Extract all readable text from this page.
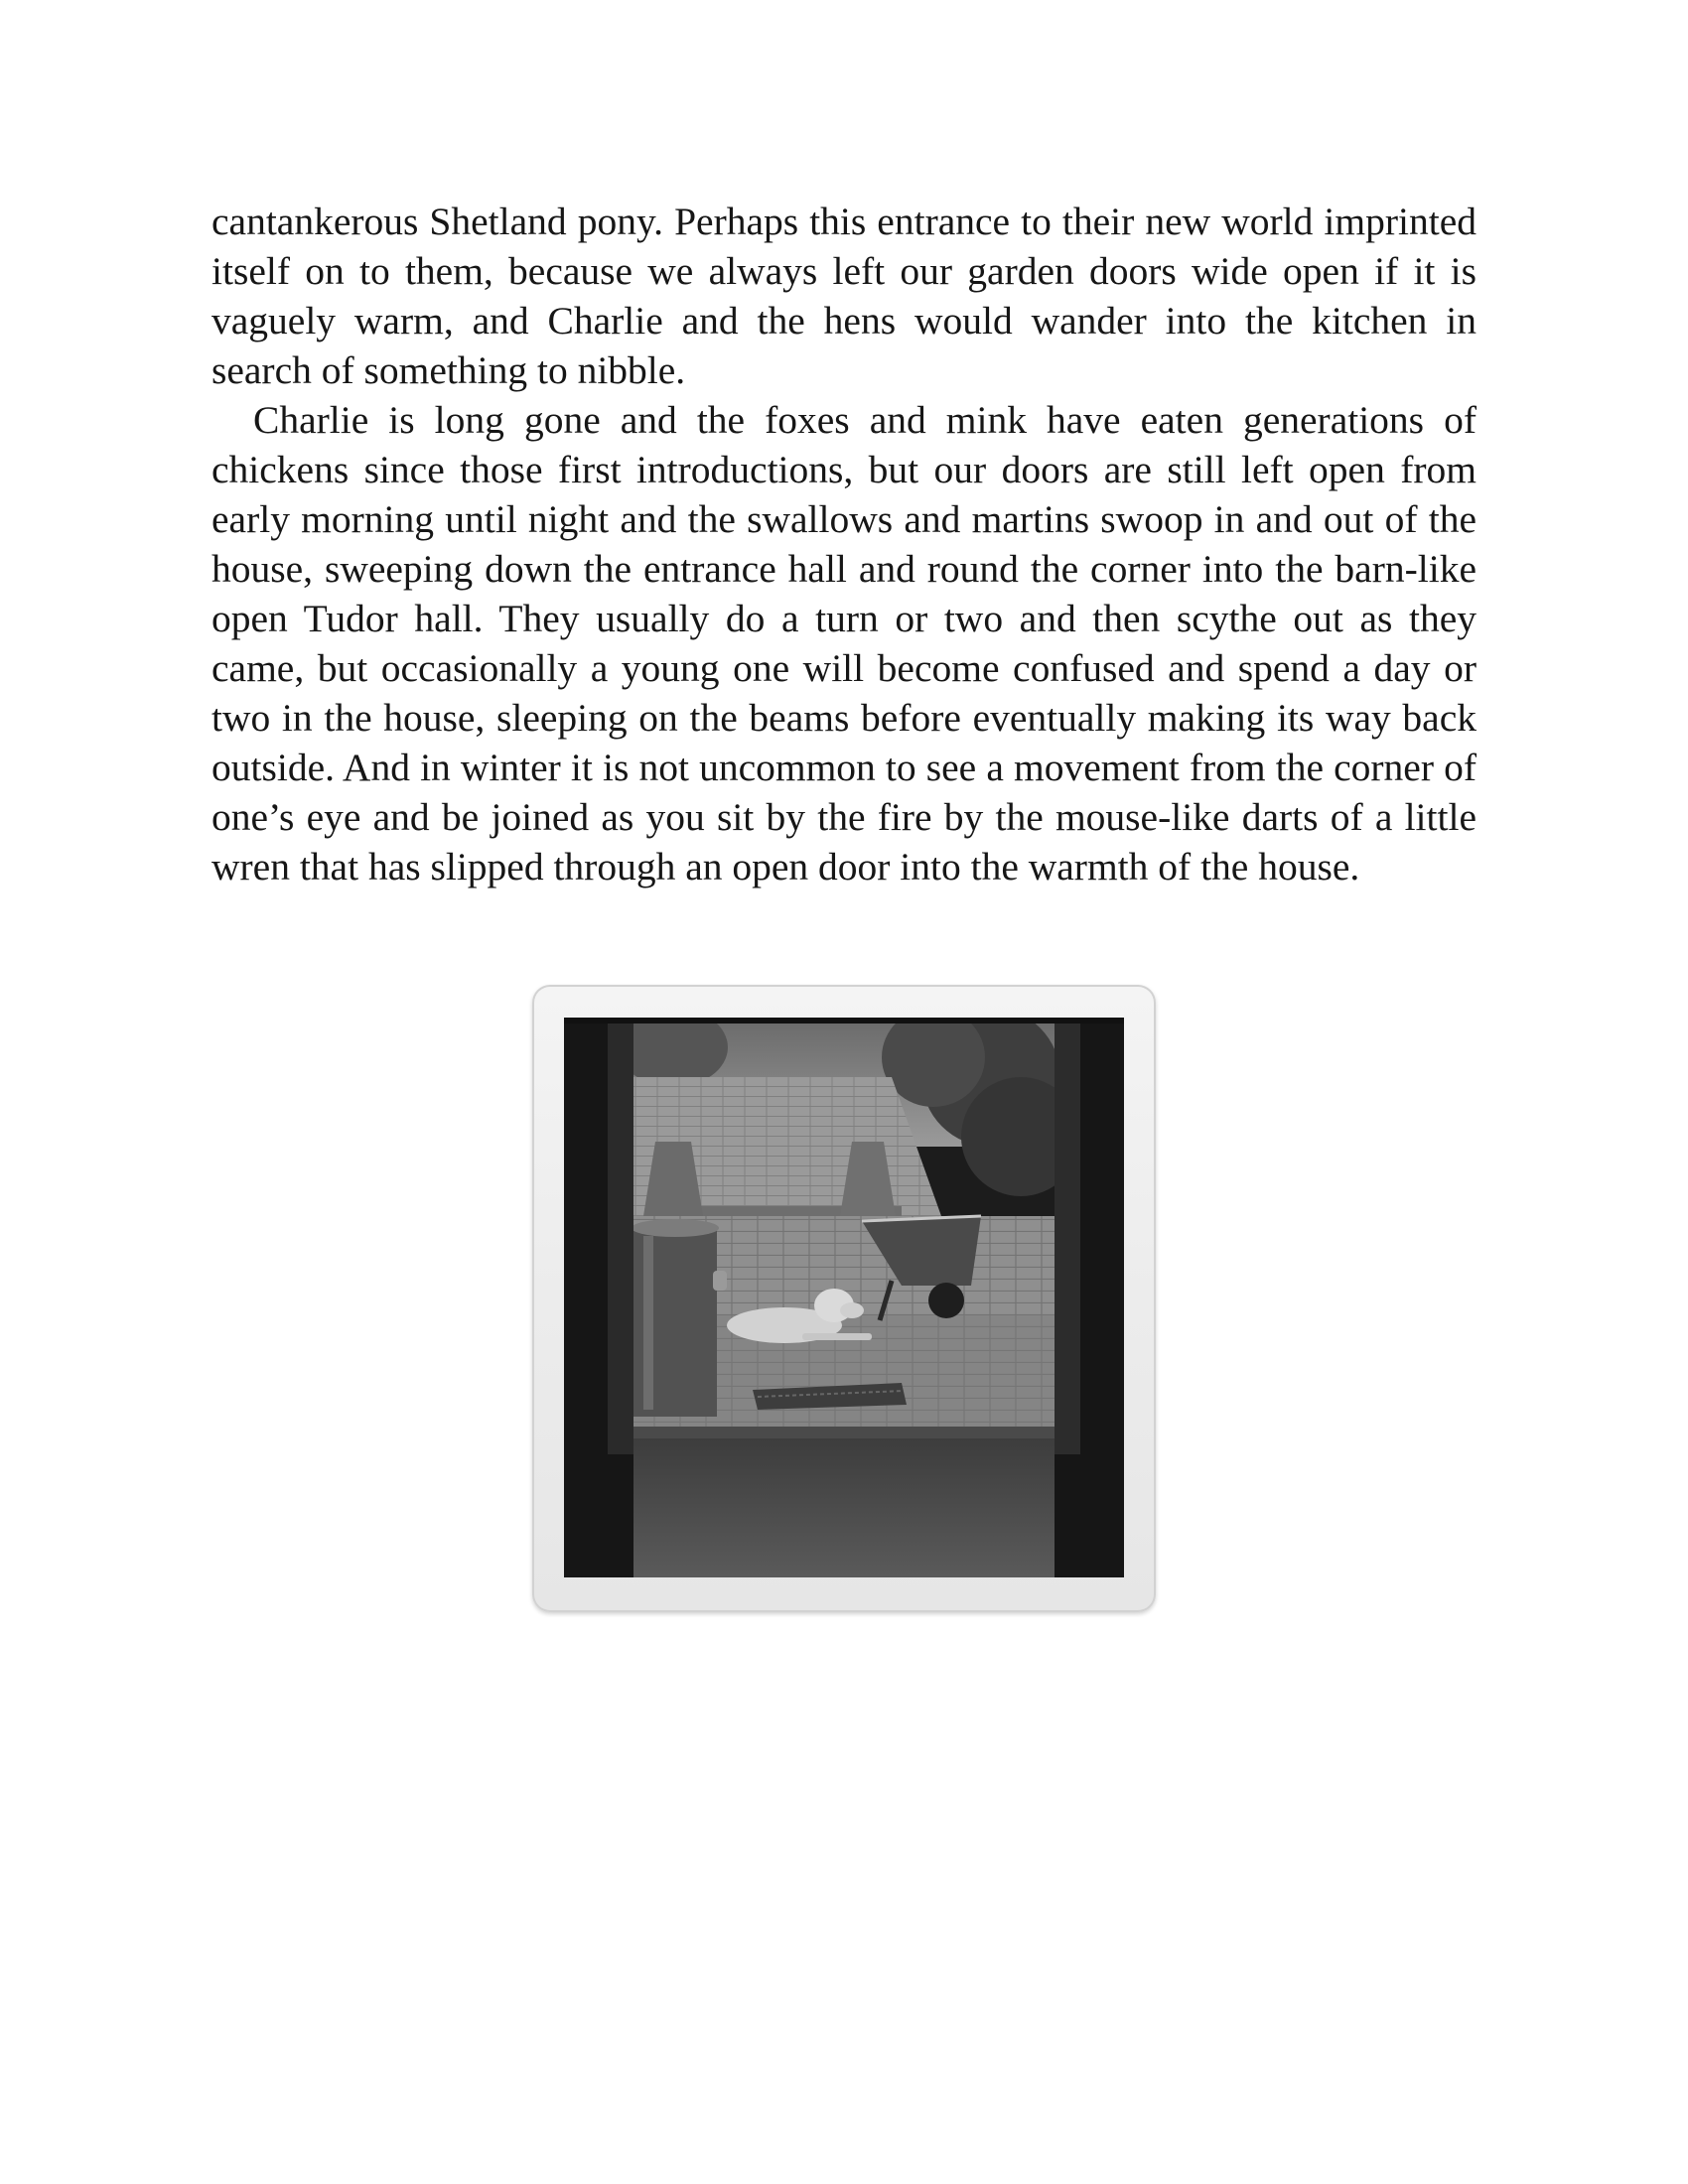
cantankerous Shetland pony. Perhaps this entrance to their new world imprinted itself on to them, because we always left our garden doors wide open if it is vaguely warm, and Charlie and the hens would wander into the kitchen in search of something to nibble.

Charlie is long gone and the foxes and mink have eaten generations of chickens since those first introductions, but our doors are still left open from early morning until night and the swallows and martins swoop in and out of the house, sweeping down the entrance hall and round the corner into the barn-like open Tudor hall. They usually do a turn or two and then scythe out as they came, but occasionally a young one will become confused and spend a day or two in the house, sleeping on the beams before eventually making its way back outside. And in winter it is not uncommon to see a movement from the corner of one’s eye and be joined as you sit by the fire by the mouse-like darts of a little wren that has slipped through an open door into the warmth of the house.
